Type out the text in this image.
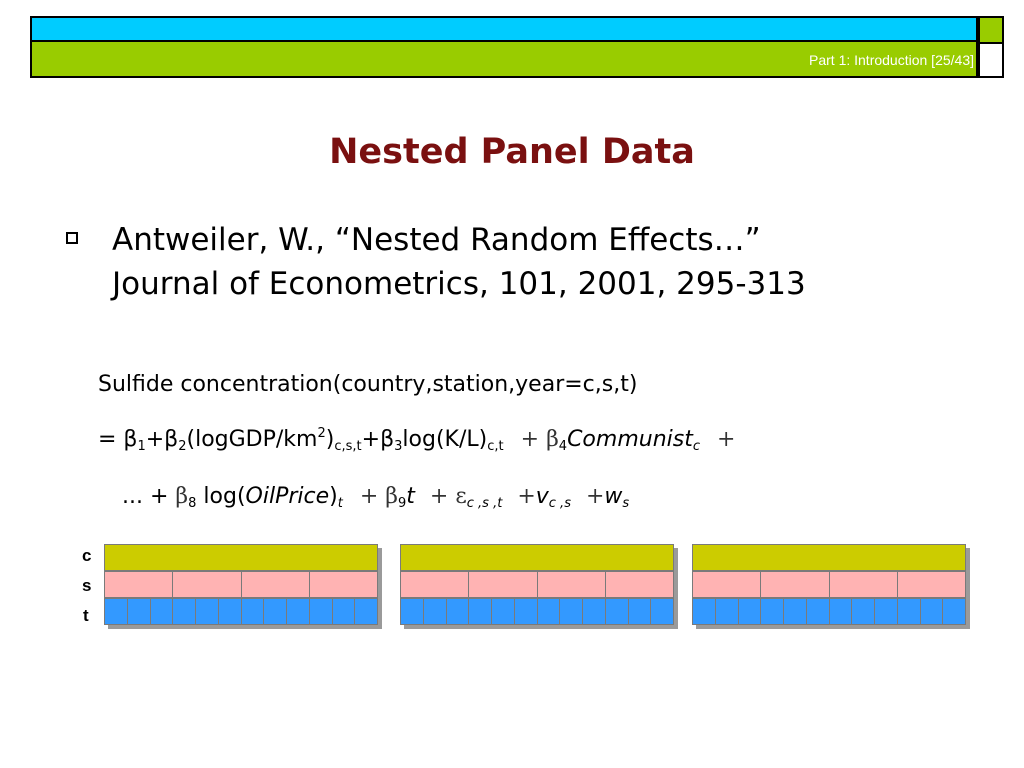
Part 1: Introduction [25/43]
Nested Panel Data
Antweiler, W., “Nested Random Effects…”
Journal of Econometrics, 101, 2001, 295-313
Sulfide concentration(country,station,year=c,s,t)
= $\beta_1+\beta_2(logGDP/km^2)_{c,s,t}+\beta_3\log(K/L)_{c,t}$ + $\beta_4Communist_c$ +
... + $\beta_8$ $\log(OilPrice)_t + \beta_9t + \varepsilon_{c ,s ,t} +v_{c ,s} +w_s$
c
s
t
